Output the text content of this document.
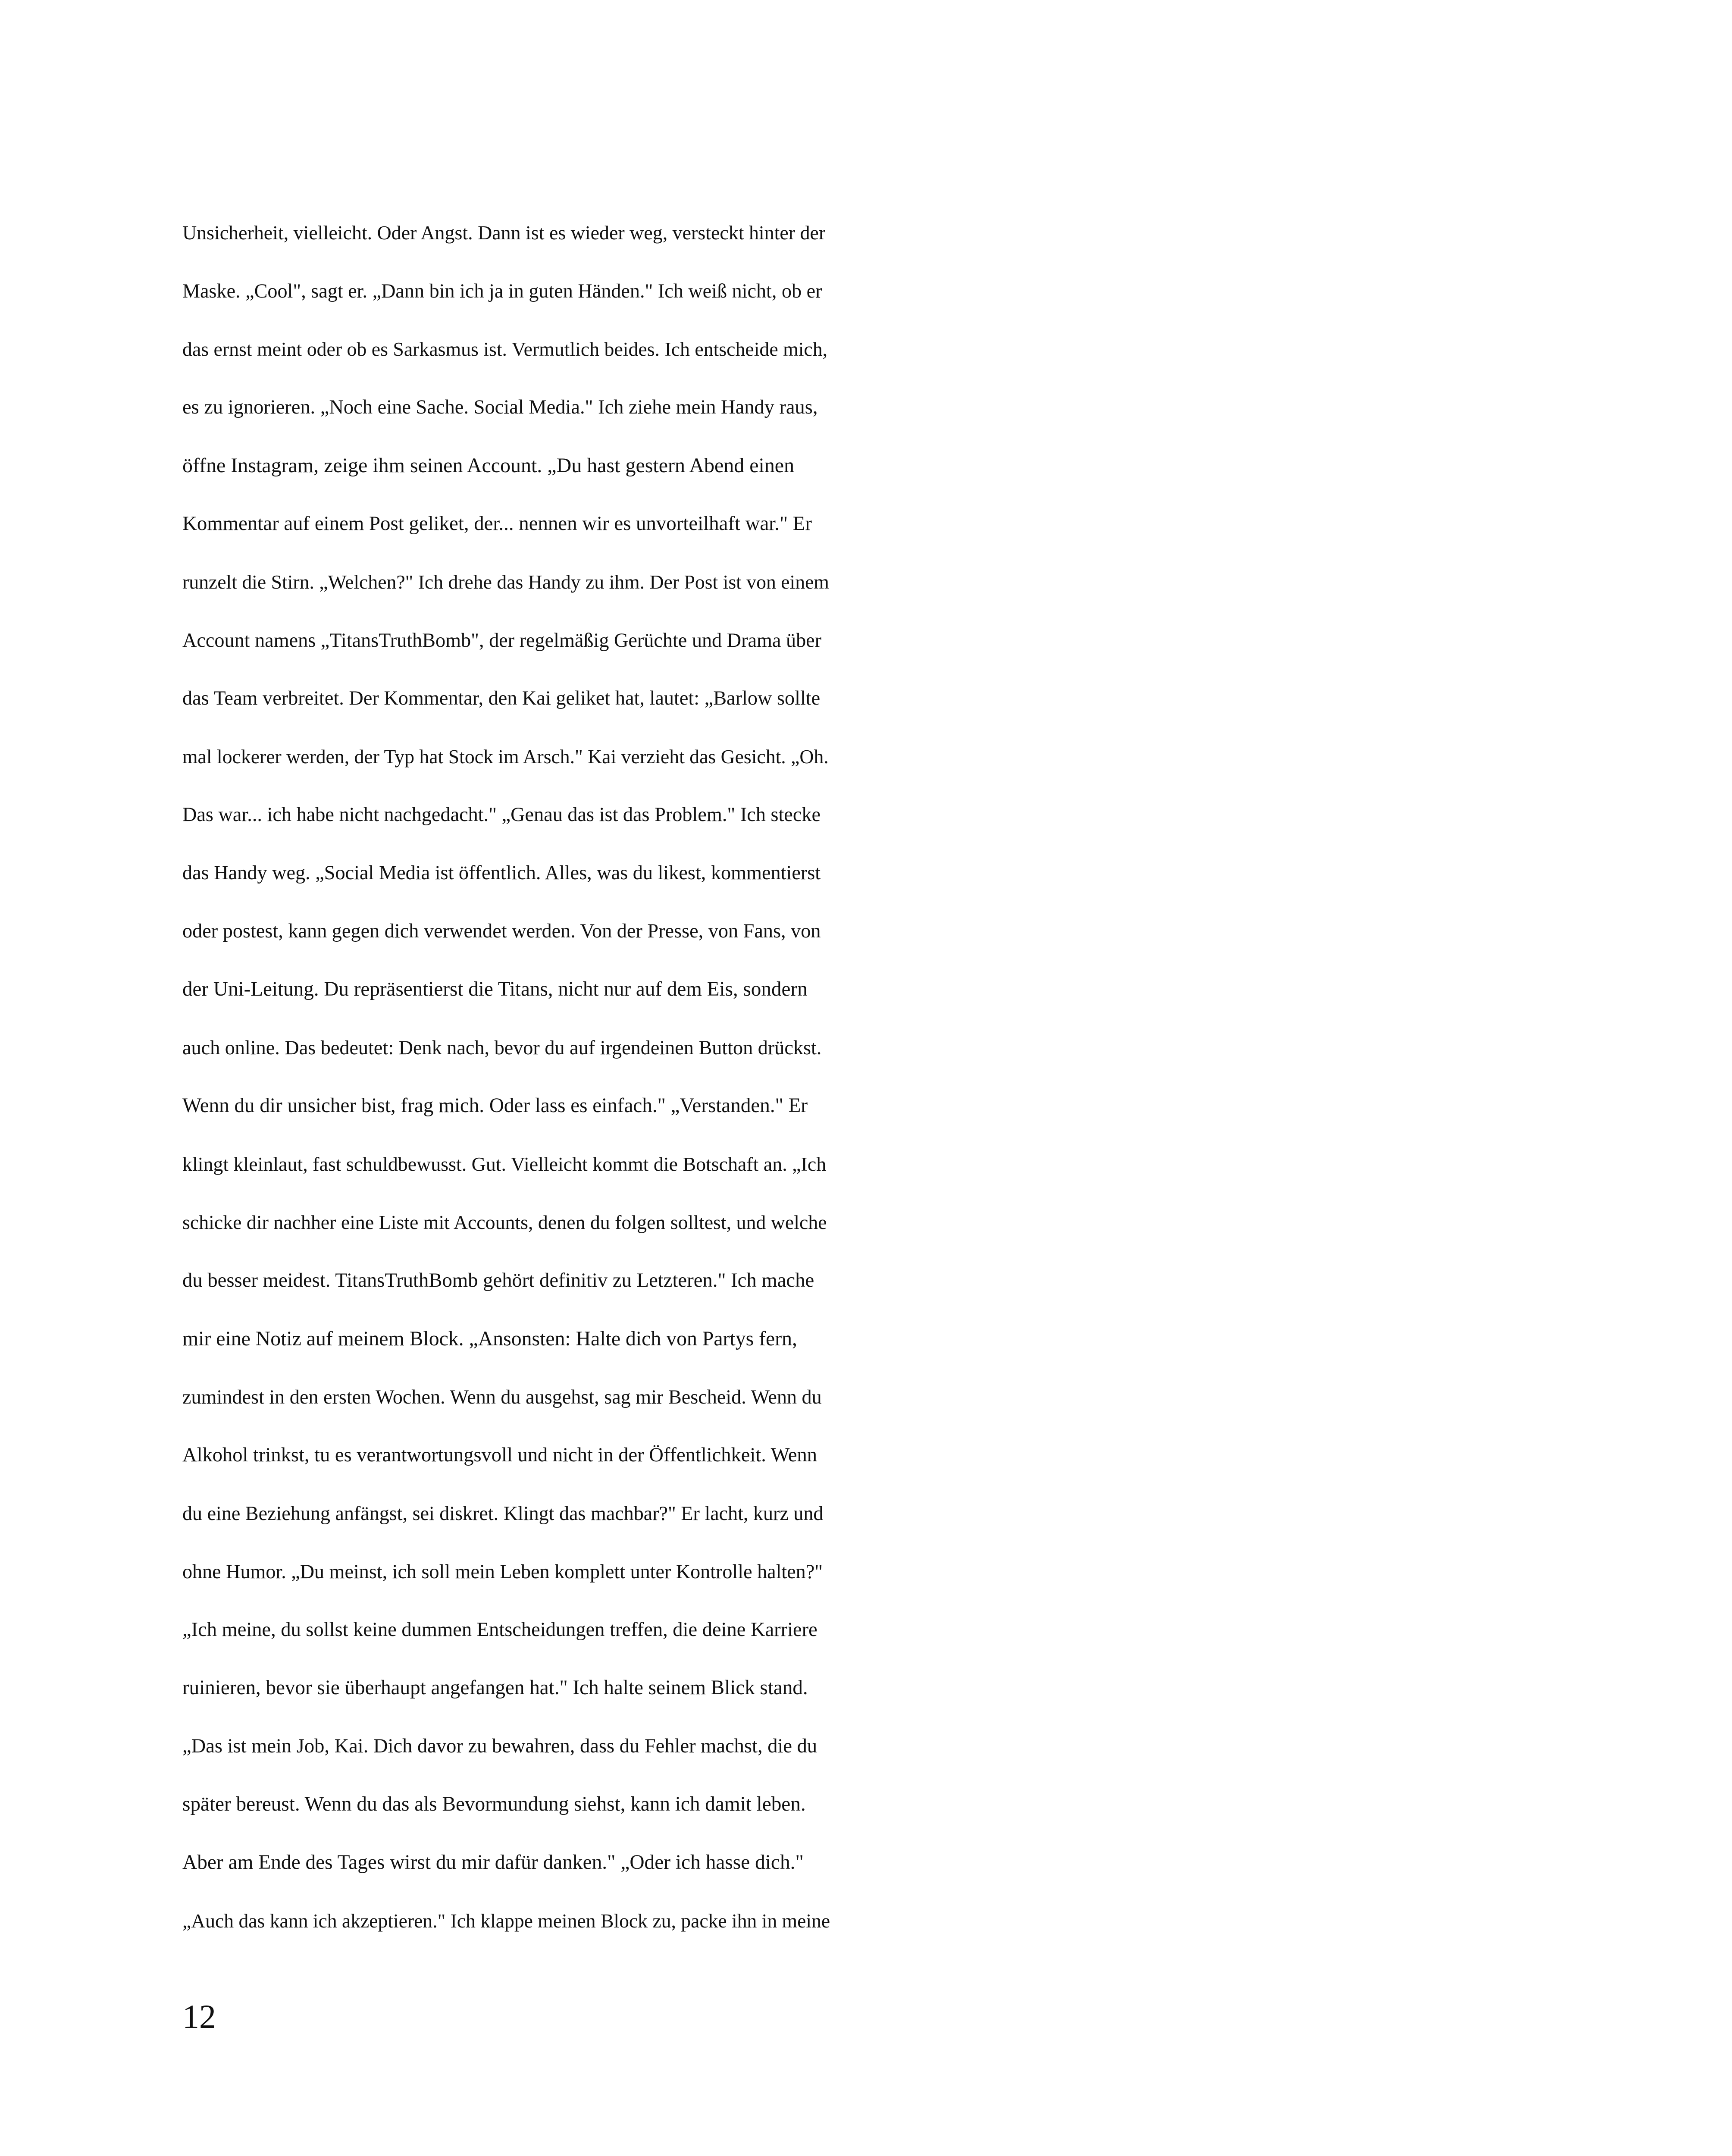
Unsicherheit, vielleicht. Oder Angst. Dann ist es wieder weg, versteckt hinter der
Maske. „Cool", sagt er. „Dann bin ich ja in guten Händen." Ich weiß nicht, ob er
das ernst meint oder ob es Sarkasmus ist. Vermutlich beides. Ich entscheide mich,
es zu ignorieren. „Noch eine Sache. Social Media." Ich ziehe mein Handy raus,
öffne Instagram, zeige ihm seinen Account. „Du hast gestern Abend einen
Kommentar auf einem Post geliket, der... nennen wir es unvorteilhaft war." Er
runzelt die Stirn. „Welchen?" Ich drehe das Handy zu ihm. Der Post ist von einem
Account namens „TitansTruthBomb", der regelmäßig Gerüchte und Drama über
das Team verbreitet. Der Kommentar, den Kai geliket hat, lautet: „Barlow sollte
mal lockerer werden, der Typ hat Stock im Arsch." Kai verzieht das Gesicht. „Oh.
Das war... ich habe nicht nachgedacht." „Genau das ist das Problem." Ich stecke
das Handy weg. „Social Media ist öffentlich. Alles, was du likest, kommentierst
oder postest, kann gegen dich verwendet werden. Von der Presse, von Fans, von
der Uni-Leitung. Du repräsentierst die Titans, nicht nur auf dem Eis, sondern
auch online. Das bedeutet: Denk nach, bevor du auf irgendeinen Button drückst.
Wenn du dir unsicher bist, frag mich. Oder lass es einfach." „Verstanden." Er
klingt kleinlaut, fast schuldbewusst. Gut. Vielleicht kommt die Botschaft an. „Ich
schicke dir nachher eine Liste mit Accounts, denen du folgen solltest, und welche
du besser meidest. TitansTruthBomb gehört definitiv zu Letzteren." Ich mache
mir eine Notiz auf meinem Block. „Ansonsten: Halte dich von Partys fern,
zumindest in den ersten Wochen. Wenn du ausgehst, sag mir Bescheid. Wenn du
Alkohol trinkst, tu es verantwortungsvoll und nicht in der Öffentlichkeit. Wenn
du eine Beziehung anfängst, sei diskret. Klingt das machbar?" Er lacht, kurz und
ohne Humor. „Du meinst, ich soll mein Leben komplett unter Kontrolle halten?"
„Ich meine, du sollst keine dummen Entscheidungen treffen, die deine Karriere
ruinieren, bevor sie überhaupt angefangen hat." Ich halte seinem Blick stand.
„Das ist mein Job, Kai. Dich davor zu bewahren, dass du Fehler machst, die du
später bereust. Wenn du das als Bevormundung siehst, kann ich damit leben.
Aber am Ende des Tages wirst du mir dafür danken." „Oder ich hasse dich."
„Auch das kann ich akzeptieren." Ich klappe meinen Block zu, packe ihn in meine
12
